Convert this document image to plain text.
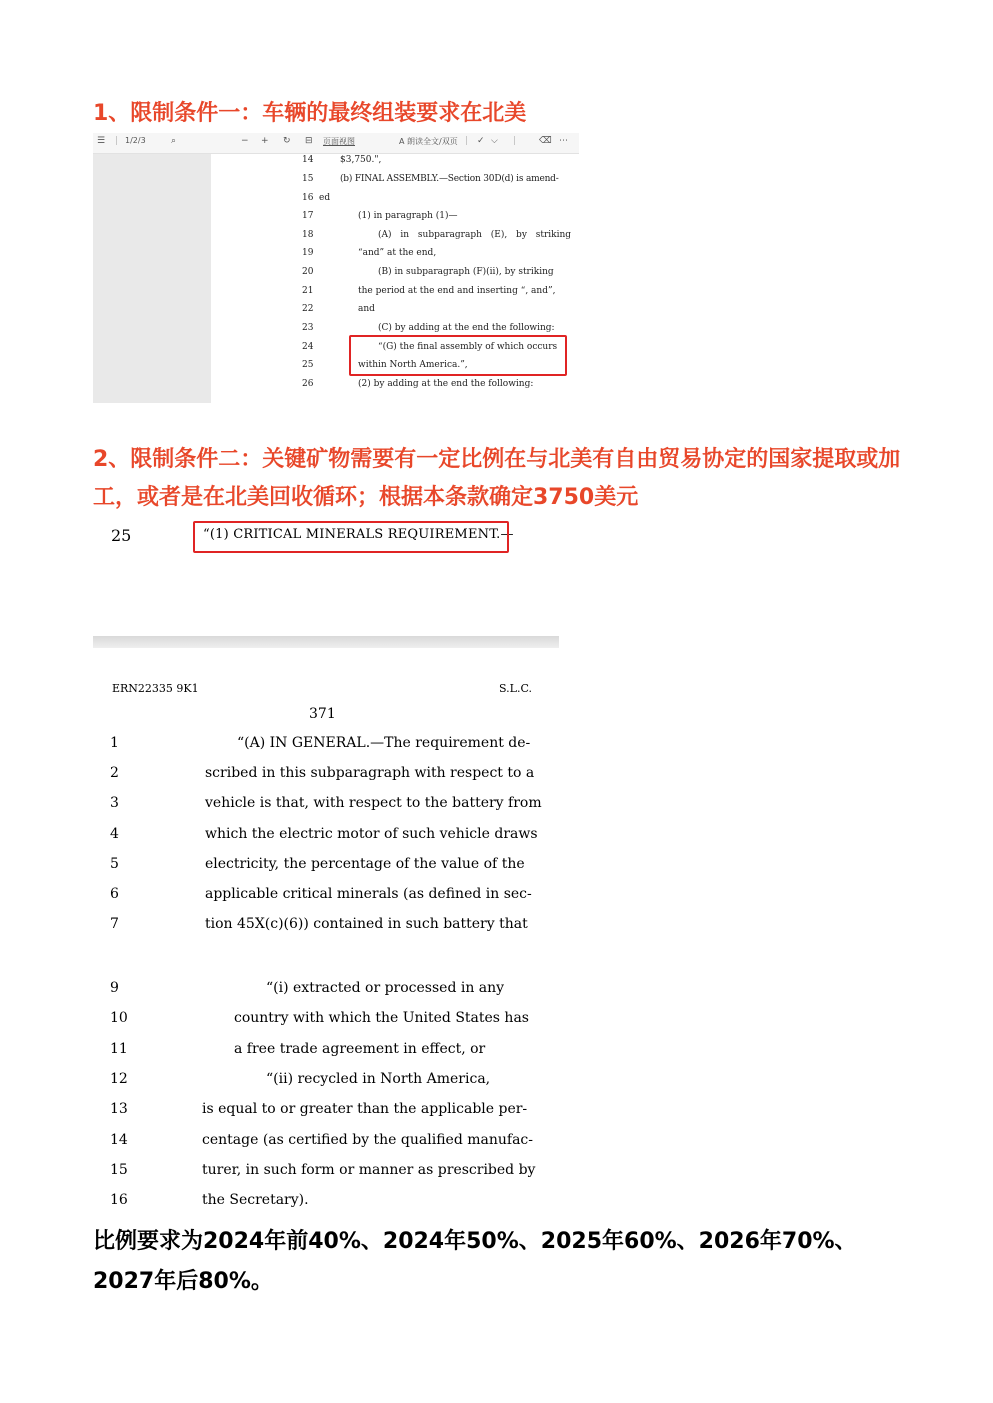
1、限制条件一：车辆的最终组装要求在北美
☰ | 1/2/3	⌕	− + ↻ ⊟ 页面视图	A 朗读全文/双页 | ✓ ⌵ |	⌫ ⋯
14	$3,750.",
15	(b) FINAL ASSEMBLY.—Section 30D(d) is amend-
16 ed
17	(1) in paragraph (1)—
18	(A) in subparagraph (E), by striking
19	“and” at the end,
20	(B) in subparagraph (F)(ii), by striking
21	the period at the end and inserting “, and”,
22	and
23	(C) by adding at the end the following:
24	“(G) the final assembly of which occurs
25	within North America.”,
26	(2) by adding at the end the following:
2、限制条件二：关键矿物需要有一定比例在与北美有自由贸易协定的国家提取或加工，或者是在北美回收循环；根据本条款确定3750美元
25	“(1) CRITICAL MINERALS REQUIREMENT.—
ERN22335 9K1	S.L.C.
371
1	“(A) IN GENERAL.—The requirement de-
2	scribed in this subparagraph with respect to a
3	vehicle is that, with respect to the battery from
4	which the electric motor of such vehicle draws
5	electricity, the percentage of the value of the
6	applicable critical minerals (as defined in sec-
7	tion 45X(c)(6)) contained in such battery that
9	“(i) extracted or processed in any
10	country with which the United States has
11	a free trade agreement in effect, or
12	“(ii) recycled in North America,
13	is equal to or greater than the applicable per-
14	centage (as certified by the qualified manufac-
15	turer, in such form or manner as prescribed by
16	the Secretary).
比例要求为2024年前40%、2024年50%、2025年60%、2026年70%、2027年后80%。
